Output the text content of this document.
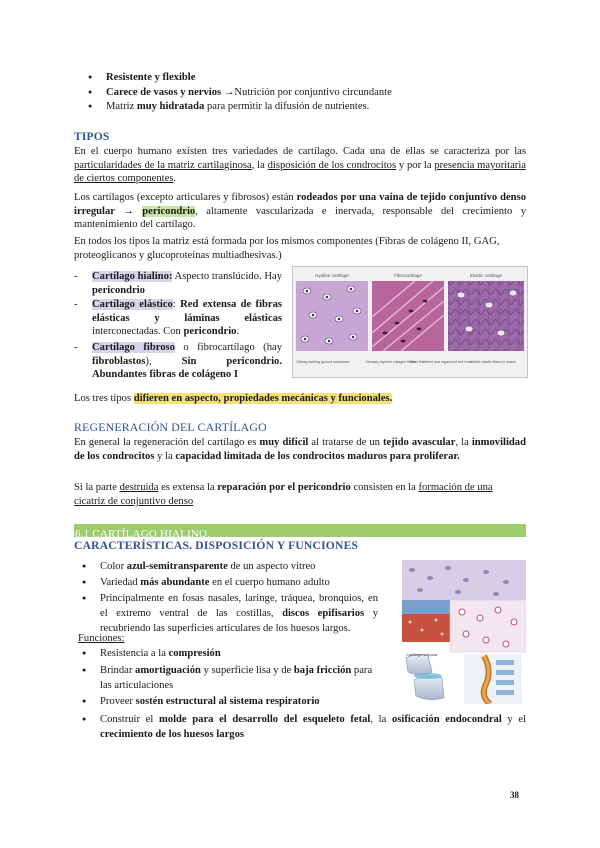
● Resistente y flexible
● Carece de vasos y nervios →Nutrición por conjuntivo circundante
● Matriz muy hidratada para permitir la difusión de nutrientes.
TIPOS
En el cuerpo humano existen tres variedades de cartílago. Cada una de ellas se caracteriza por las particularidades de la matriz cartilaginosa, la disposición de los condrocitos y por la presencia mayoritaria de ciertos componentes.
Los cartílagos (excepto articulares y fibrosos) están rodeados por una vaina de tejido conjuntivo denso irregular → pericondrio, altamente vascularizada e inervada, responsable del crecimiento y mantenimiento del cartílago.
En todos los tipos la matriz está formada por los mismos componentes (Fibras de colágeno II, GAG, proteoglicanos y glucoproteínas multiadhesivas.)
- Cartílago hialino: Aspecto translúcido. Hay pericondrio
- Cartílago elástico: Red extensa de fibras elásticas y láminas elásticas interconectadas. Con pericondrio.
- Cartílago fibroso o fibrocartílago (hay fibroblastos), Sin pericondrio. Abundantes fibras de colágeno I
Hyaline cartilage	Fibrocartilage	Elastic cartilage
Glassy-looking ground substance	Densely layered collagen fibers
More flattened and organized cell rows
Visible elastic fibers in matrix
Los tres tipos difieren en aspecto, propiedades mecánicas y funcionales.
REGENERACIÓN DEL CARTÍLAGO
En general la regeneración del cartílago es muy difícil al tratarse de un tejido avascular, la inmovilidad de los condrocitos y la capacidad limitada de los condrocitos maduros para proliferar.
Si la parte destruida es extensa la reparación por el pericondrio consisten en la formación de una cicatriz de conjuntivo denso
6.1 CARTÍLAGO HIALINO.
CARACTERÍSTICAS. DISPOSICIÓN Y FUNCIONES
● Color azul-semitransparente de un aspecto vítreo
● Variedad más abundante en el cuerpo humano adulto
● Principalmente en fosas nasales, laringe, tráquea, bronquios, en el extremo ventral de las costillas, discos epifisarios y recubriendo las superficies articulares de los huesos largos.
Funciones:
● Resistencia a la compresión
● Brindar amortiguación y superficie lisa y de baja fricción para las articulaciones
● Proveer sostén estructural al sistema respiratorio
Cartílago articular
● Construir el molde para el desarrollo del esqueleto fetal, la osificación endocondral y el crecimiento de los huesos largos
38
